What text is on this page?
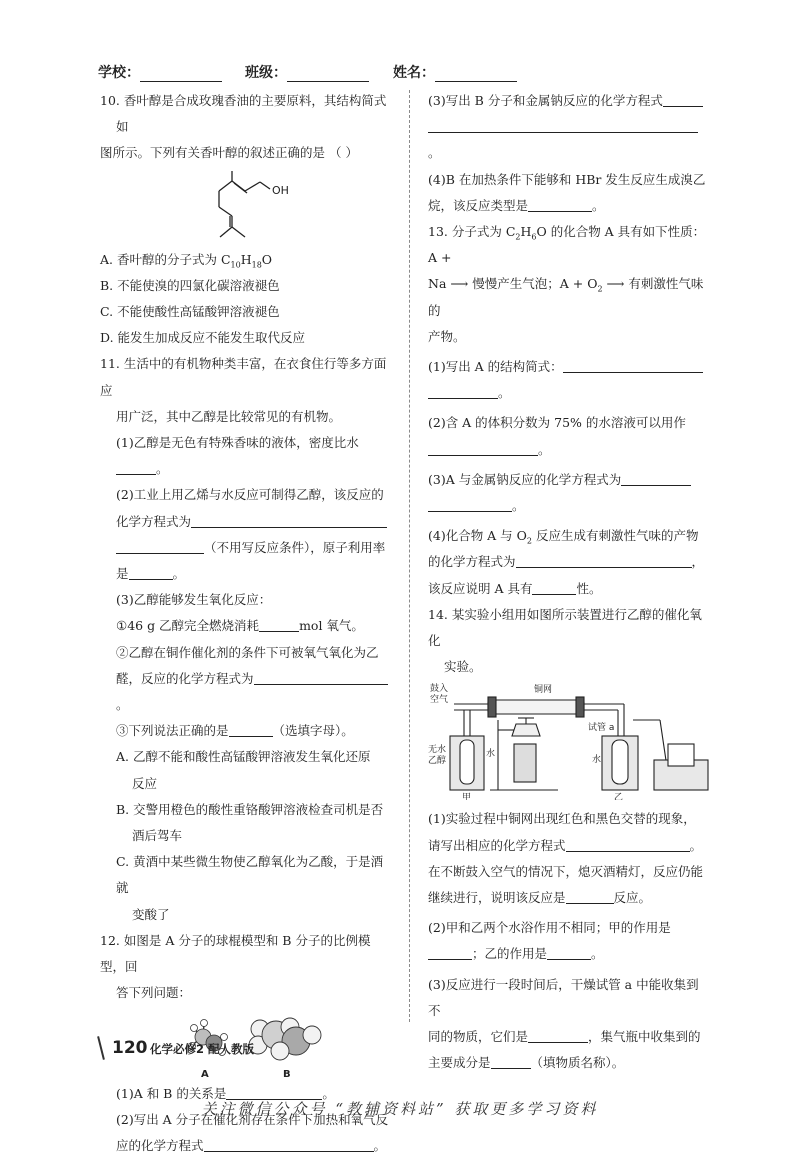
学校：	班级：	姓名：

10. 香叶醇是合成玫瑰香油的主要原料，其结构简式如

图所示。下列有关香叶醇的叙述正确的是 （ ）

OH

A. 香叶醇的分子式为 $C_{10}H_{18}O$

B. 不能使溴的四氯化碳溶液褪色

C. 不能使酸性高锰酸钾溶液褪色

D. 能发生加成反应不能发生取代反应

11. 生活中的有机物种类丰富，在衣食住行等多方面应

用广泛，其中乙醇是比较常见的有机物。

(1)乙醇是无色有特殊香味的液体，密度比水。

(2)工业上用乙烯与水反应可制得乙醇，该反应的

化学方程式为

（不用写反应条件），原子利用率

是	。

(3)乙醇能够发生氧化反应：

①46 g 乙醇完全燃烧消耗	mol 氧气。

②乙醇在铜作催化剂的条件下可被氧气氧化为乙

醛，反应的化学方程式为。

③下列说法正确的是	（选填字母）。

A. 乙醇不能和酸性高锰酸钾溶液发生氧化还原

反应

B. 交警用橙色的酸性重铬酸钾溶液检查司机是否

酒后驾车

C. 黄酒中某些微生物使乙醇氧化为乙酸，于是酒就

变酸了

12. 如图是 A 分子的球棍模型和 B 分子的比例模型，回

答下列问题：

A	B

(1)A 和 B 的关系是	。

(2)写出 A 分子在催化剂存在条件下加热和氧气反

应的化学方程式	。

(3)写出 B 分子和金属钠反应的化学方程式

。

(4)B 在加热条件下能够和 HBr 发生反应生成溴乙

烷，该反应类型是	。

13. 分子式为 $C_2H_6O$ 的化合物 A 具有如下性质：A +

Na ⟶ 慢慢产生气泡；$A + O_2$ ⟶ 有刺激性气味的

产物。

(1)写出 A 的结构简式：

。

(2)含 A 的体积分数为 75% 的水溶液可以用作

。

(3)A 与金属钠反应的化学方程式为

。

(4)化合物 A 与 $O_2$ 反应生成有刺激性气味的产物

的化学方程式为	，

该反应说明 A 具有	性。

14. 某实验小组用如图所示装置进行乙醇的催化氧化

实验。

鼓入
空气
铜网
试管 a
无水
乙醇
水
水
甲	乙

(1)实验过程中铜网出现红色和黑色交替的现象，

请写出相应的化学方程式	。

在不断鼓入空气的情况下，熄灭酒精灯，反应仍能

继续进行，说明该反应是	反应。

(2)甲和乙两个水浴作用不相同；甲的作用是

；乙的作用是	。

(3)反应进行一段时间后，干燥试管 a 中能收集到不

同的物质，它们是	，集气瓶中收集到的

主要成分是	（填物质名称）。

120 化学必修2 配人教版
关注微信公众号 “教辅资料站” 获取更多学习资料
